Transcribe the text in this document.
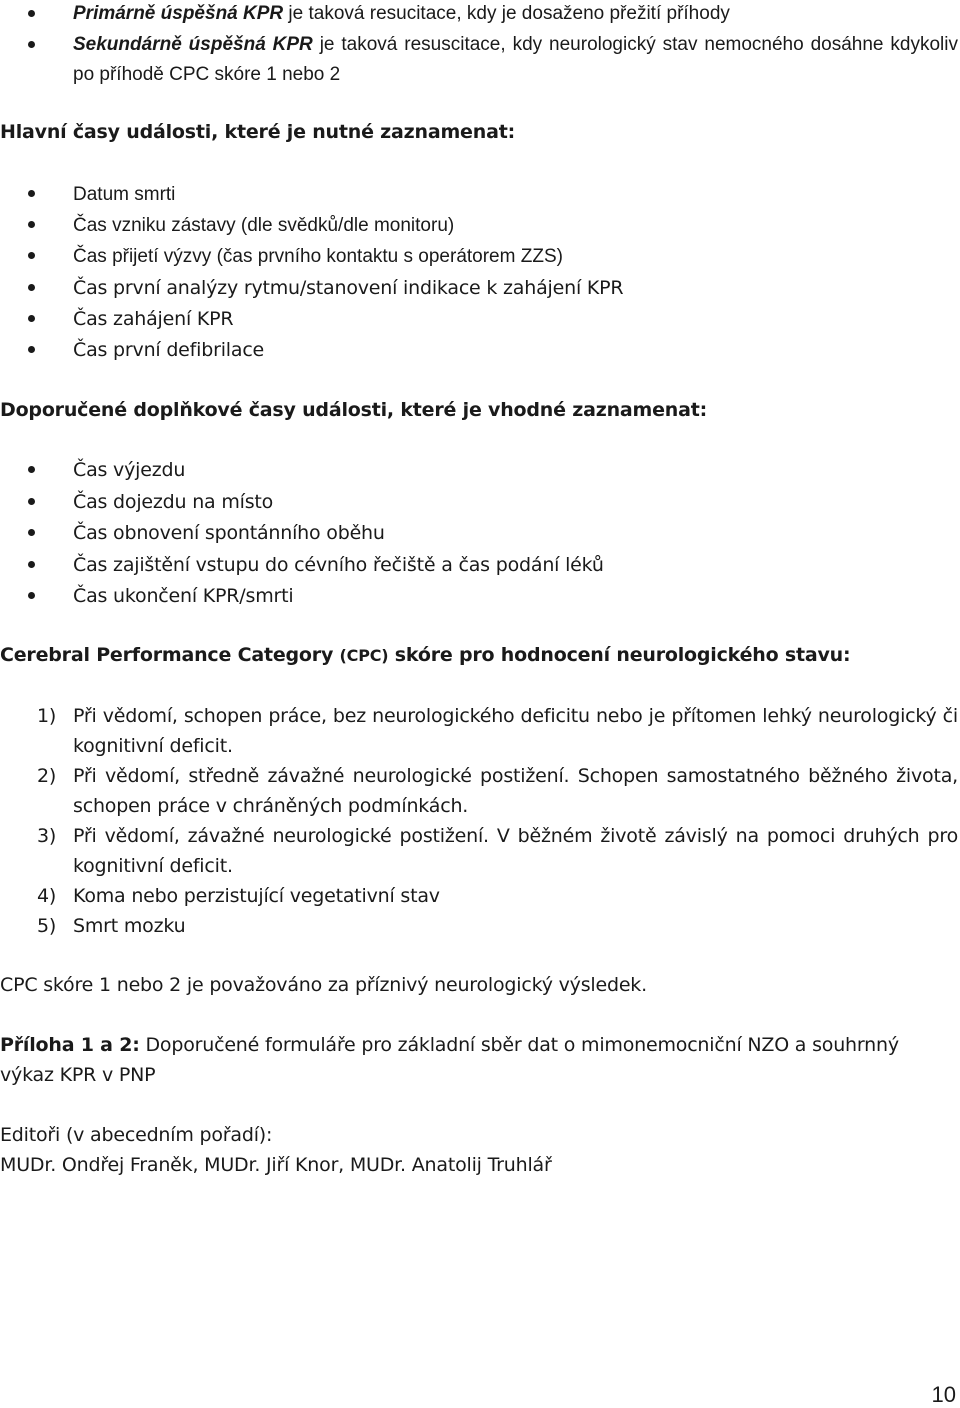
Primárně úspěšná KPR je taková resucitace, kdy je dosaženo přežití příhody
Sekundárně úspěšná KPR je taková resuscitace, kdy neurologický stav nemocného dosáhne kdykoliv po příhodě CPC skóre 1 nebo 2
Hlavní časy události, které je nutné zaznamenat:
Datum smrti
Čas vzniku zástavy (dle svědků/dle monitoru)
Čas přijetí výzvy (čas prvního kontaktu s operátorem ZZS)
Čas první analýzy rytmu/stanovení indikace k zahájení KPR
Čas zahájení KPR
Čas první defibrilace
Doporučené doplňkové časy události, které je vhodné zaznamenat:
Čas výjezdu
Čas dojezdu na místo
Čas obnovení spontánního oběhu
Čas zajištění vstupu do cévního řečiště a čas podání léků
Čas ukončení KPR/smrti
Cerebral Performance Category (CPC) skóre pro hodnocení neurologického stavu:
1) Při vědomí, schopen práce, bez neurologického deficitu nebo je přítomen lehký neurologický či kognitivní deficit.
2) Při vědomí, středně závažné neurologické postižení. Schopen samostatného běžného života, schopen práce v chráněných podmínkách.
3) Při vědomí, závažné neurologické postižení. V běžném životě závislý na pomoci druhých pro kognitivní deficit.
4) Koma nebo perzistující vegetativní stav
5) Smrt mozku
CPC skóre 1 nebo 2 je považováno za příznivý neurologický výsledek.
Příloha 1 a 2: Doporučené formuláře pro základní sběr dat o mimonemocniční NZO a souhrnný výkaz KPR v PNP
Editoři (v abecedním pořadí):
MUDr. Ondřej Franěk, MUDr. Jiří Knor, MUDr. Anatolij Truhlář
10
